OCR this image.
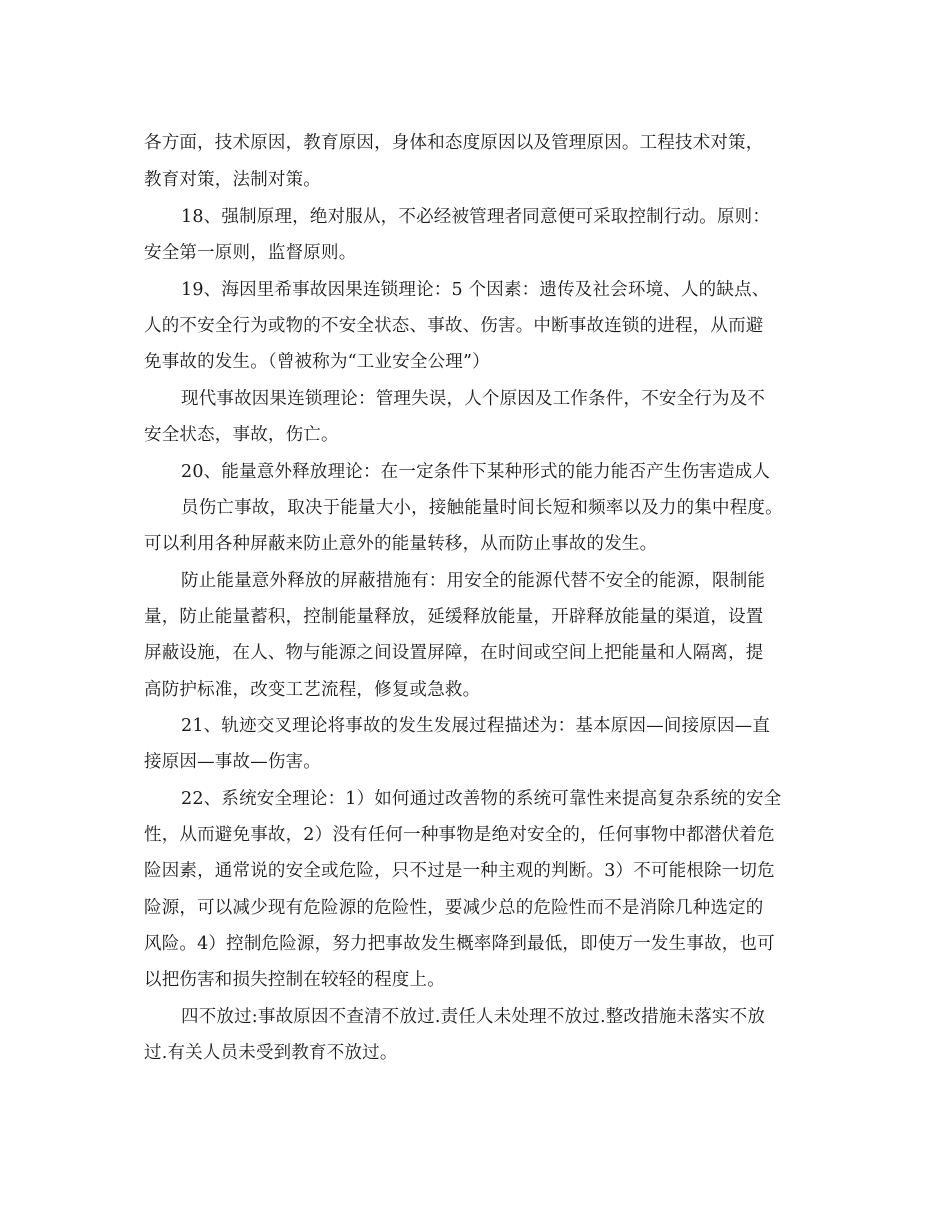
各方面，技术原因，教育原因，身体和态度原因以及管理原因。工程技术对策，
教育对策，法制对策。
18、强制原理，绝对服从，不必经被管理者同意便可采取控制行动。原则：
安全第一原则，监督原则。
19、海因里希事故因果连锁理论：5 个因素：遗传及社会环境、人的缺点、
人的不安全行为或物的不安全状态、事故、伤害。中断事故连锁的进程，从而避
免事故的发生。（曾被称为“工业安全公理”）
现代事故因果连锁理论：管理失误，人个原因及工作条件，不安全行为及不
安全状态，事故，伤亡。
20、能量意外释放理论：在一定条件下某种形式的能力能否产生伤害造成人
员伤亡事故，取决于能量大小，接触能量时间长短和频率以及力的集中程度。
可以利用各种屏蔽来防止意外的能量转移，从而防止事故的发生。
防止能量意外释放的屏蔽措施有：用安全的能源代替不安全的能源，限制能
量，防止能量蓄积，控制能量释放，延缓释放能量，开辟释放能量的渠道，设置
屏蔽设施，在人、物与能源之间设置屏障，在时间或空间上把能量和人隔离，提
高防护标准，改变工艺流程，修复或急救。
21、轨迹交叉理论将事故的发生发展过程描述为：基本原因—间接原因—直
接原因—事故—伤害。
22、系统安全理论：1）如何通过改善物的系统可靠性来提高复杂系统的安全
性，从而避免事故，2）没有任何一种事物是绝对安全的，任何事物中都潜伏着危
险因素，通常说的安全或危险，只不过是一种主观的判断。3）不可能根除一切危
险源，可以减少现有危险源的危险性，要减少总的危险性而不是消除几种选定的
风险。4）控制危险源，努力把事故发生概率降到最低，即使万一发生事故，也可
以把伤害和损失控制在较轻的程度上。
四不放过:事故原因不查清不放过.责任人未处理不放过.整改措施未落实不放
过.有关人员未受到教育不放过。
